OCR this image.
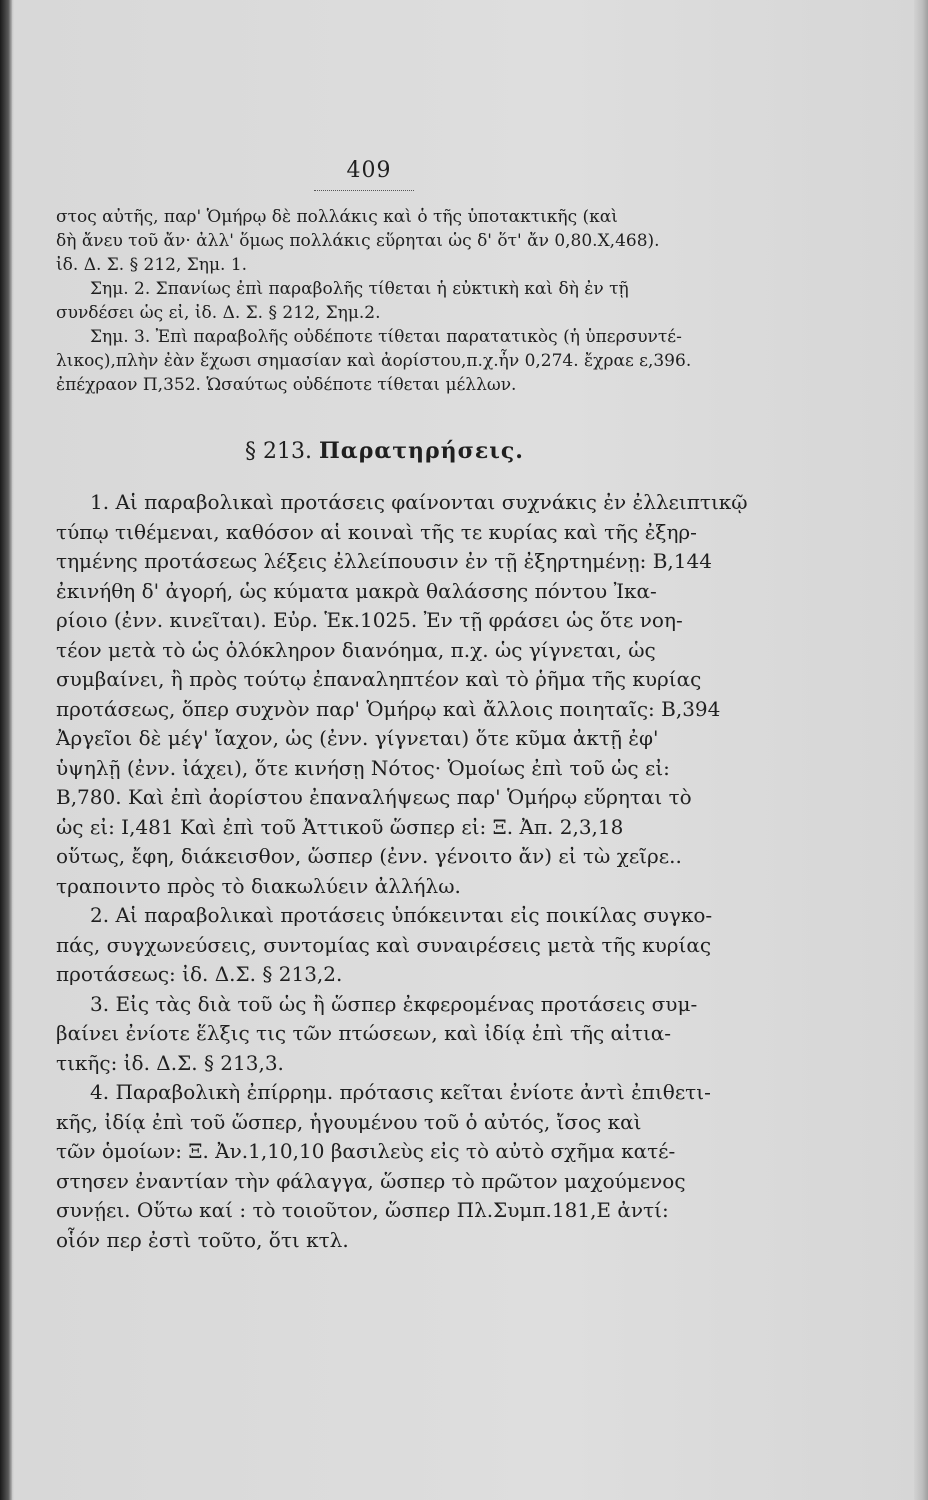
409
στος αὐτῆς, παρ' Ὁμήρῳ δὲ πολλάκις καὶ ὁ τῆς ὑποτακτικῆς (καὶ
δὴ ἄνευ τοῦ ἄν· ἀλλ' ὅμως πολλάκις εὕρηται ὡς δ' ὅτ' ἄν 0,80.X,468).
ἰδ. Δ. Σ. § 212, Σημ. 1.
Σημ. 2. Σπανίως ἐπὶ παραβολῆς τίθεται ἡ εὐκτικὴ καὶ δὴ ἐν τῇ
συνδέσει ὡς εἰ, ἰδ. Δ. Σ. § 212, Σημ.2.
Σημ. 3. Ἐπὶ παραβολῆς οὐδέποτε τίθεται παρατατικὸς (ἡ ὑπερσυντέ-
λικος),πλὴν ἐὰν ἔχωσι σημασίαν καὶ ἀορίστου,π.χ.ἦν 0,274. ἔχραε ε,396.
ἐπέχραον Π,352. Ὡσαύτως οὐδέποτε τίθεται μέλλων.
§ 213. Παρατηρήσεις.
1. Αἱ παραβολικαὶ προτάσεις φαίνονται συχνάκις ἐν ἐλλειπτικῷ
τύπῳ τιθέμεναι, καθόσον αἱ κοιναὶ τῆς τε κυρίας καὶ τῆς ἐξηρ-
τημένης προτάσεως λέξεις ἐλλείπουσιν ἐν τῇ ἐξηρτημένῃ: Β,144
ἐκινήθη δ' ἀγορή, ὡς κύματα μακρὰ θαλάσσης πόντου Ἰκα-
ρίοιο (ἐνν. κινεῖται). Εὐρ. Ἑκ.1025. Ἐν τῇ φράσει ὡς ὅτε νοη-
τέον μετὰ τὸ ὡς ὁλόκληρον διανόημα, π.χ. ὡς γίγνεται, ὡς
συμβαίνει, ἢ πρὸς τούτῳ ἐπαναληπτέον καὶ τὸ ῥῆμα τῆς κυρίας
προτάσεως, ὅπερ συχνὸν παρ' Ὁμήρῳ καὶ ἄλλοις ποιηταῖς: Β,394
Ἀργεῖοι δὲ μέγ' ἴαχον, ὡς (ἐνν. γίγνεται) ὅτε κῦμα ἀκτῇ ἐφ'
ὑψηλῇ (ἐνν. ἰάχει), ὅτε κινήσῃ Νότος· Ὁμοίως ἐπὶ τοῦ ὡς εἰ:
Β,780. Καὶ ἐπὶ ἀορίστου ἐπαναλήψεως παρ' Ὁμήρῳ εὕρηται τὸ
ὡς εἰ: Ι,481 Καὶ ἐπὶ τοῦ Ἀττικοῦ ὥσπερ εἰ: Ξ. Ἀπ. 2,3,18
οὕτως, ἔφη, διάκεισθον, ὥσπερ (ἐνν. γένοιτο ἄν) εἰ τὼ χεῖρε..
τραποιντο πρὸς τὸ διακωλύειν ἀλλήλω.
2. Αἱ παραβολικαὶ προτάσεις ὑπόκεινται εἰς ποικίλας συγκο-
πάς, συγχωνεύσεις, συντομίας καὶ συναιρέσεις μετὰ τῆς κυρίας
προτάσεως: ἰδ. Δ.Σ. § 213,2.
3. Εἰς τὰς διὰ τοῦ ὡς ἢ ὥσπερ ἐκφερομένας προτάσεις συμ-
βαίνει ἐνίοτε ἕλξις τις τῶν πτώσεων, καὶ ἰδίᾳ ἐπὶ τῆς αἰτια-
τικῆς: ἰδ. Δ.Σ. § 213,3.
4. Παραβολικὴ ἐπίρρημ. πρότασις κεῖται ἐνίοτε ἀντὶ ἐπιθετι-
κῆς, ἰδίᾳ ἐπὶ τοῦ ὥσπερ, ἡγουμένου τοῦ ὁ αὐτός, ἴσος καὶ
τῶν ὁμοίων: Ξ. Ἀν.1,10,10 βασιλεὺς εἰς τὸ αὐτὸ σχῆμα κατέ-
στησεν ἐναντίαν τὴν φάλαγγα, ὥσπερ τὸ πρῶτον μαχούμενος
συνῄει. Οὕτω καί : τὸ τοιοῦτον, ὥσπερ Πλ.Συμπ.181,Ε ἀντί:
οἷόν περ ἐστὶ τοῦτο, ὅτι κτλ.
